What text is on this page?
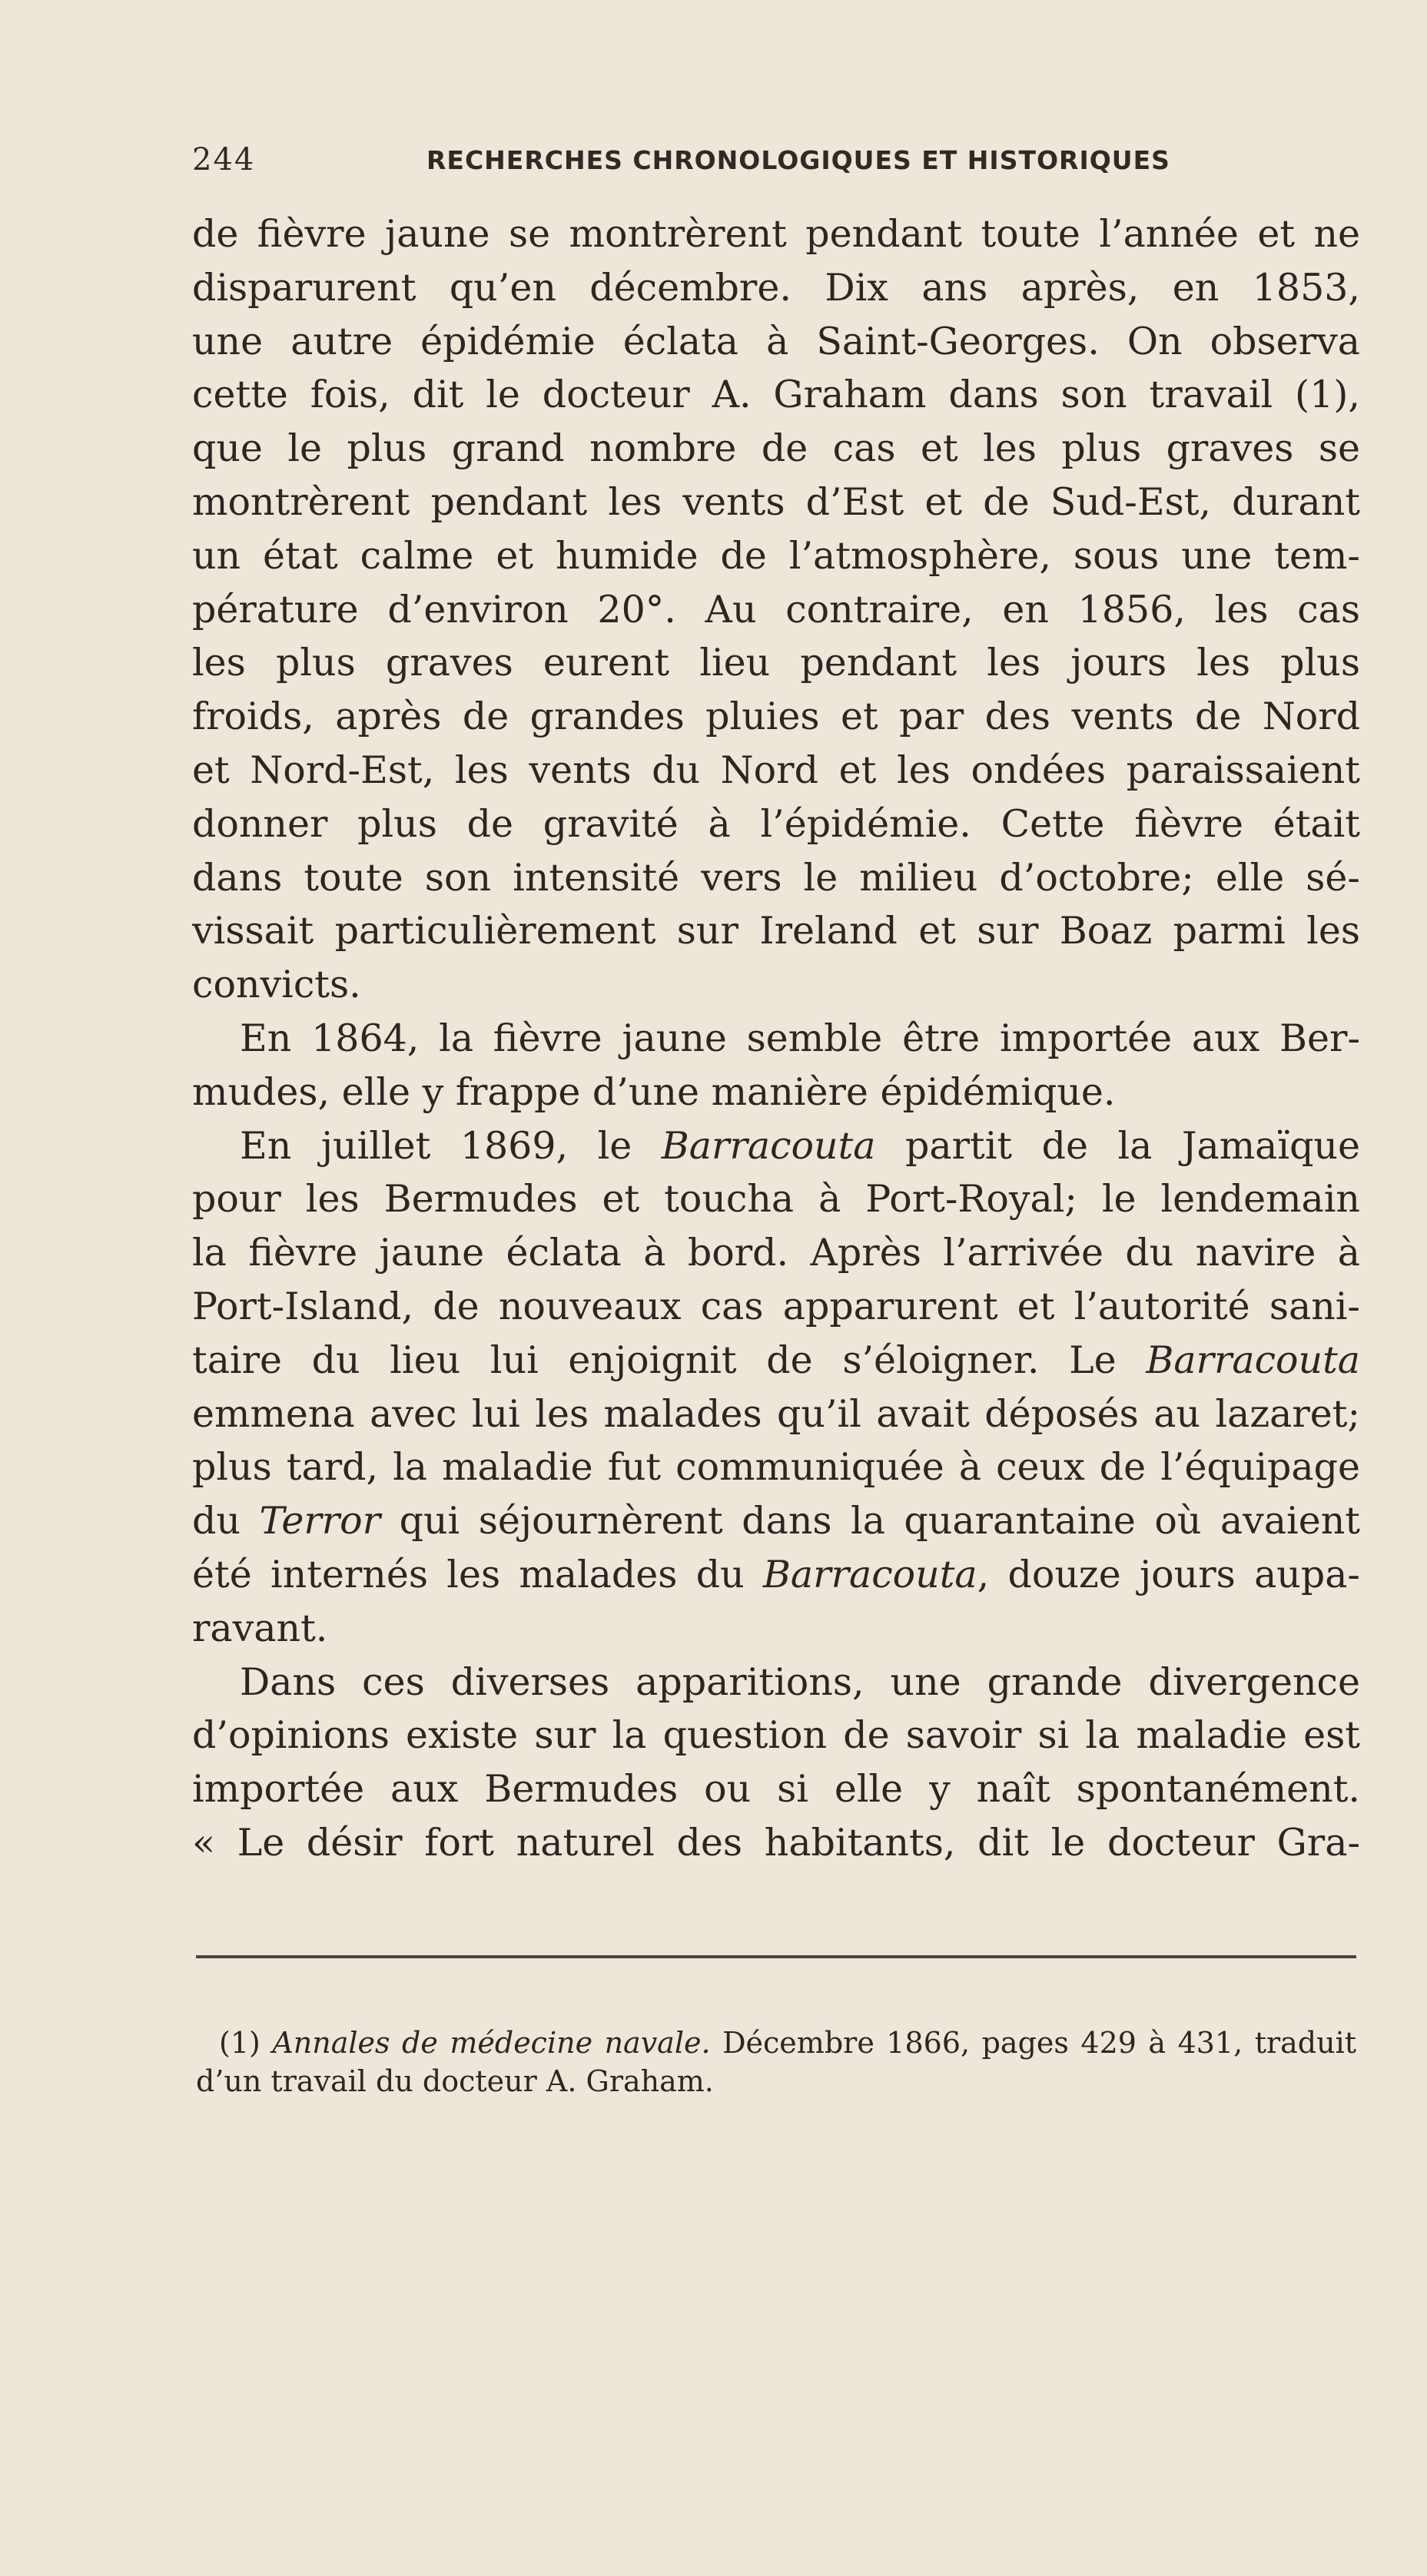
244	RECHERCHES CHRONOLOGIQUES ET HISTORIQUES
de fièvre jaune se montrèrent pendant toute l’année et ne
disparurent qu’en décembre. Dix ans après, en 1853,
une autre épidémie éclata à Saint-Georges. On observa
cette fois, dit le docteur A. Graham dans son travail (1),
que le plus grand nombre de cas et les plus graves se
montrèrent pendant les vents d’Est et de Sud-Est, durant
un état calme et humide de l’atmosphère, sous une tem-
pérature d’environ 20°. Au contraire, en 1856, les cas
les plus graves eurent lieu pendant les jours les plus
froids, après de grandes pluies et par des vents de Nord
et Nord-Est, les vents du Nord et les ondées paraissaient
donner plus de gravité à l’épidémie. Cette fièvre était
dans toute son intensité vers le milieu d’octobre; elle sé-
vissait particulièrement sur Ireland et sur Boaz parmi les
convicts.
En 1864, la fièvre jaune semble être importée aux Ber-
mudes, elle y frappe d’une manière épidémique.
En juillet 1869, le Barracouta partit de la Jamaïque
pour les Bermudes et toucha à Port-Royal; le lendemain
la fièvre jaune éclata à bord. Après l’arrivée du navire à
Port-Island, de nouveaux cas apparurent et l’autorité sani-
taire du lieu lui enjoignit de s’éloigner. Le Barracouta
emmena avec lui les malades qu’il avait déposés au lazaret;
plus tard, la maladie fut communiquée à ceux de l’équipage
du Terror qui séjournèrent dans la quarantaine où avaient
été internés les malades du Barracouta, douze jours aupa-
ravant.
Dans ces diverses apparitions, une grande divergence
d’opinions existe sur la question de savoir si la maladie est
importée aux Bermudes ou si elle y naît spontanément.
« Le désir fort naturel des habitants, dit le docteur Gra-
(1) Annales de médecine navale. Décembre 1866, pages 429 à 431, traduit
d’un travail du docteur A. Graham.
